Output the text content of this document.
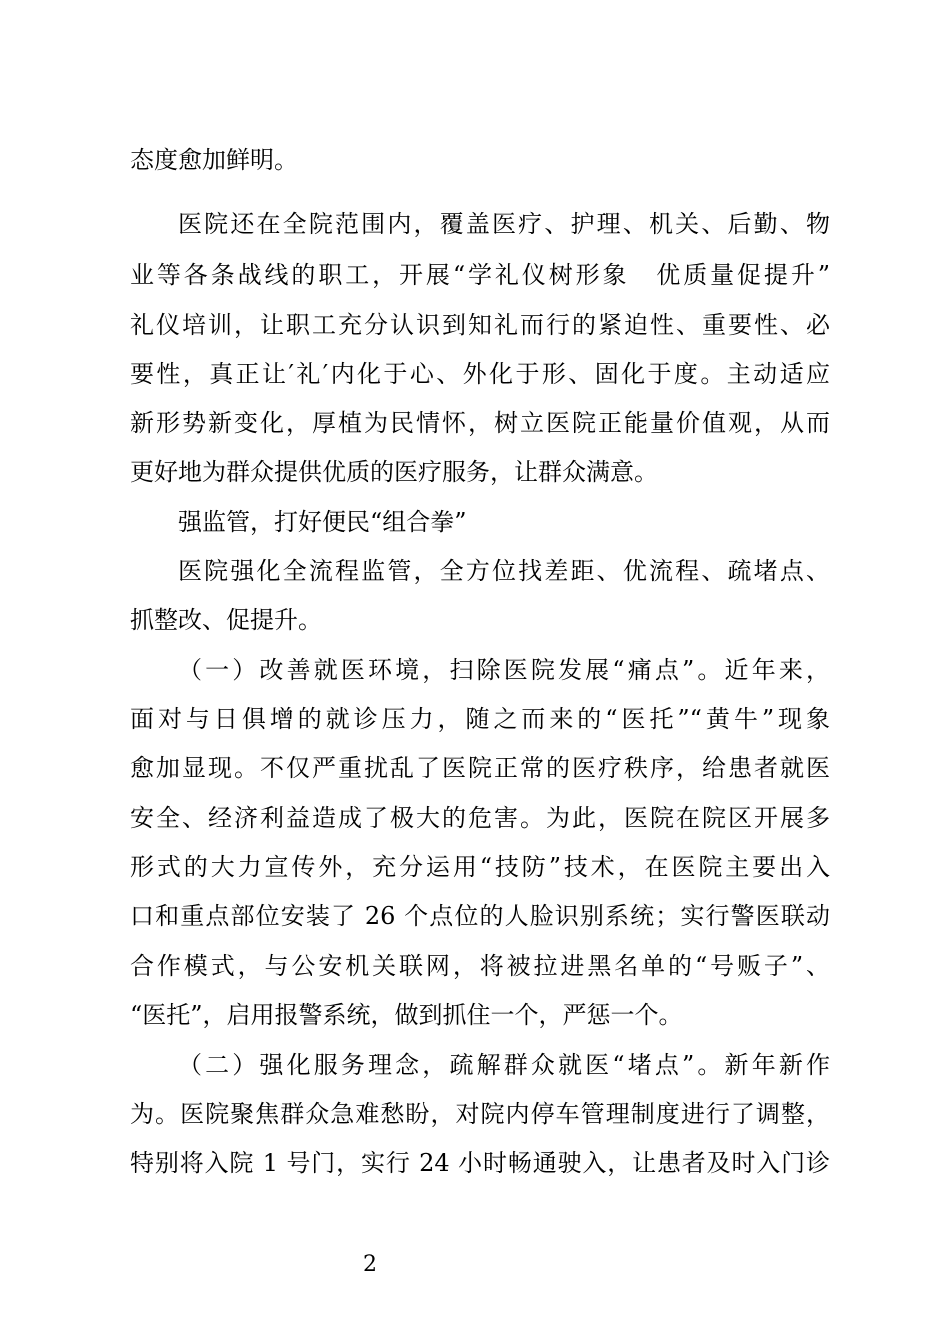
态度愈加鲜明。
医院还在全院范围内，覆盖医疗、护理、机关、后勤、物
业等各条战线的职工，开展“学礼仪树形象　优质量促提升”
礼仪培训，让职工充分认识到知礼而行的紧迫性、重要性、必
要性，真正让′礼′内化于心、外化于形、固化于度。主动适应
新形势新变化，厚植为民情怀，树立医院正能量价值观，从而
更好地为群众提供优质的医疗服务，让群众满意。
强监管，打好便民“组合拳”
医院强化全流程监管，全方位找差距、优流程、疏堵点、
抓整改、促提升。
（一）改善就医环境，扫除医院发展“痛点”。近年来，
面对与日俱增的就诊压力，随之而来的“医托”“黄牛”现象
愈加显现。不仅严重扰乱了医院正常的医疗秩序，给患者就医
安全、经济利益造成了极大的危害。为此，医院在院区开展多
形式的大力宣传外，充分运用“技防”技术，在医院主要出入
口和重点部位安装了 26 个点位的人脸识别系统；实行警医联动
合作模式，与公安机关联网，将被拉进黑名单的“号贩子”、
“医托”，启用报警系统，做到抓住一个，严惩一个。
（二）强化服务理念，疏解群众就医“堵点”。新年新作
为。医院聚焦群众急难愁盼，对院内停车管理制度进行了调整，
特别将入院 1 号门，实行 24 小时畅通驶入，让患者及时入门诊
2
